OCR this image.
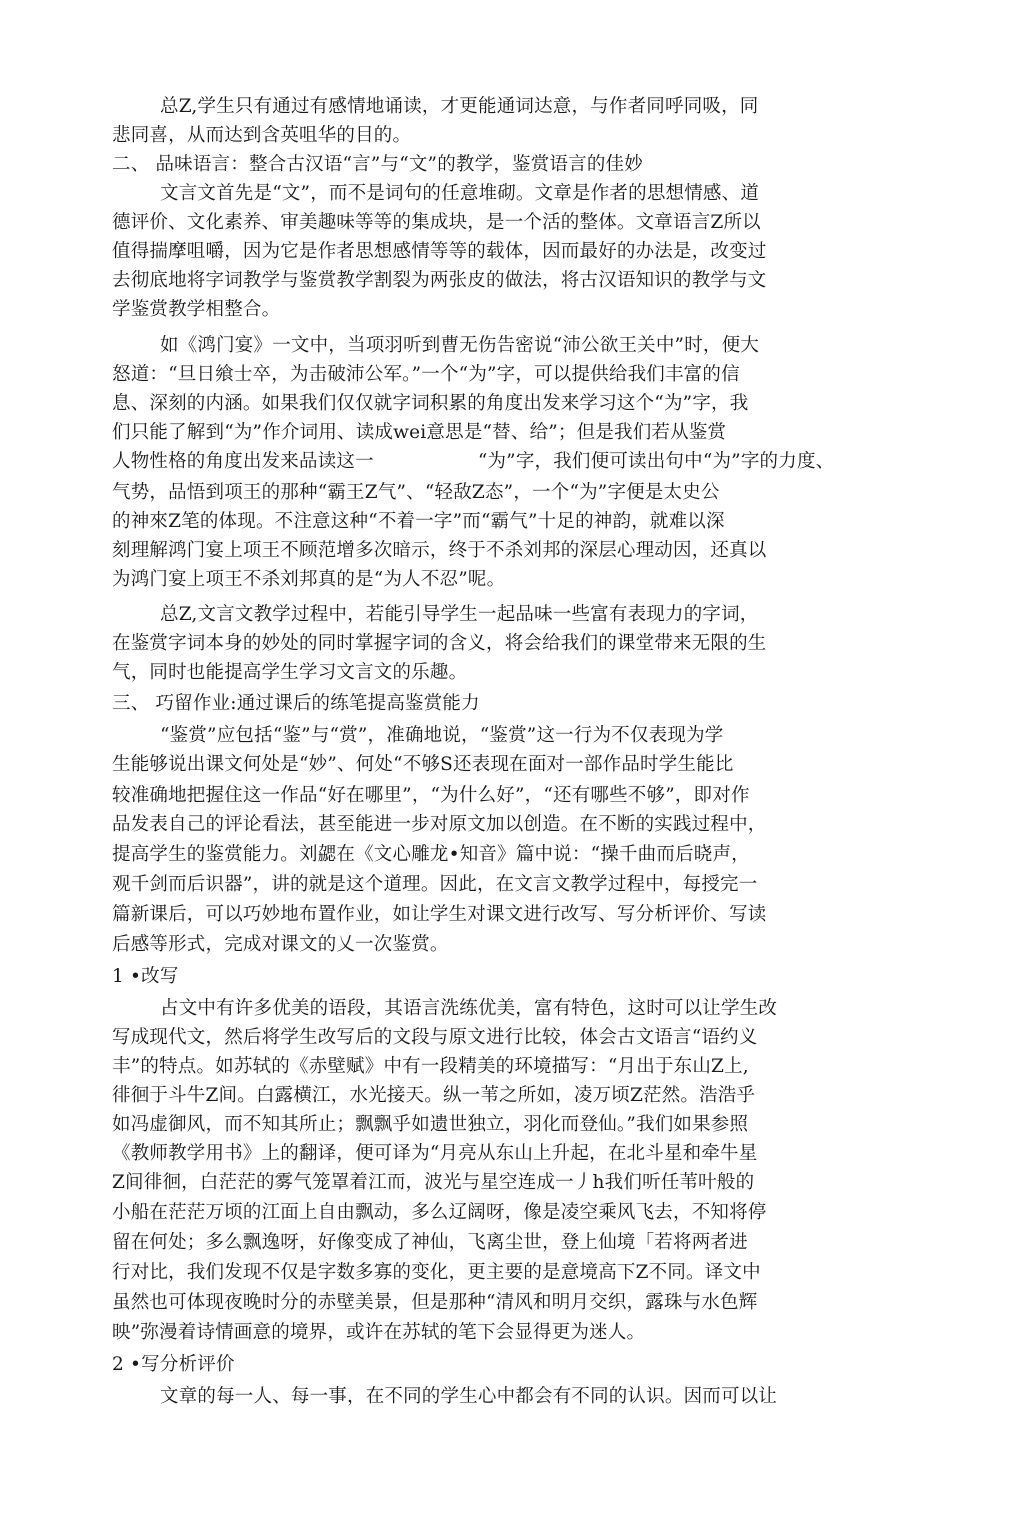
总Z,学生只有通过有感情地诵读，才更能通词达意，与作者同呼同吸，同
悲同喜，从而达到含英咀华的目的。
二、 品味语言：整合古汉语“言”与“文”的教学，鉴赏语言的佳妙
文言文首先是“文”，而不是词句的任意堆砌。文章是作者的思想情感、道
德评价、文化素养、审美趣味等等的集成块，是一个活的整体。文章语言Z所以
值得揣摩咀嚼，因为它是作者思想感情等等的载体，因而最好的办法是，改变过
去彻底地将字词教学与鉴赏教学割裂为两张皮的做法，将古汉语知识的教学与文
学鉴赏教学相整合。
如《鸿门宴》一文中，当项羽听到曹无伤告密说“沛公欲王关中”时，便大
怒道：“旦日飨士卒，为击破沛公军。”一个“为”字，可以提供给我们丰富的信
息、深刻的内涵。如果我们仅仅就字词积累的角度出发来学习这个“为”字，我
们只能了解到“为”作介词用、读成wei意思是“替、给”；但是我们若从鉴赏
人物性格的角度出发来品读这一	“为”字，我们便可读出句中“为”字的力度、
气势，品悟到项王的那种“霸王Z气”、“轻敌Z态”，一个“为”字便是太史公
的神來Z笔的体现。不注意这种“不着一字”而“霸气”十足的神韵，就难以深
刻理解鸿门宴上项王不顾范增多次暗示，终于不杀刘邦的深层心理动因，还真以
为鸿门宴上项王不杀刘邦真的是“为人不忍”呢。
总Z,文言文教学过程中，若能引导学生一起品味一些富有表现力的字词，
在鉴赏字词本身的妙处的同时掌握字词的含义，将会给我们的课堂带来无限的生
气，同时也能提高学生学习文言文的乐趣。
三、 巧留作业:通过课后的练笔提高鉴赏能力
“鉴赏”应包括“鉴”与“赏”，准确地说，“鉴赏”这一行为不仅表现为学
生能够说出课文何处是“妙”、何处“不够S还表现在面对一部作品时学生能比
较准确地把握住这一作品“好在哪里”，“为什么好”，“还有哪些不够”，即对作
品发表自己的评论看法，甚至能进一步对原文加以创造。在不断的实践过程中，
提高学生的鉴赏能力。刘勰在《文心雕龙•知音》篇中说：“操千曲而后晓声，
观千剑而后识器”，讲的就是这个道理。因此，在文言文教学过程中，每授完一
篇新课后，可以巧妙地布置作业，如让学生对课文进行改写、写分析评价、写读
后感等形式，完成对课文的乂一次鉴赏。
1 •改写
占文中有许多优美的语段，其语言洗练优美，富有特色，这时可以让学生改
写成现代文，然后将学生改写后的文段与原文进行比较，体会古文语言“语约义
丰”的特点。如苏轼的《赤壁赋》中有一段精美的环境描写：“月出于东山Z上,
徘徊于斗牛Z间。白露横江，水光接天。纵一苇之所如，凌万顷Z茫然。浩浩乎
如冯虚御风，而不知其所止；飘飘乎如遗世独立，羽化而登仙。”我们如果参照
《教师教学用书》上的翻译，便可译为“月亮从东山上升起，在北斗星和牵牛星
Z间徘徊，白茫茫的雾气笼罩着江而，波光与星空连成一丿h我们听任苇叶般的
小船在茫茫万顷的江面上自由飘动，多么辽阔呀，像是凌空乘风飞去，不知将停
留在何处；多么飘逸呀，好像变成了神仙，飞离尘世，登上仙境「若将两者进
行对比，我们发现不仅是字数多寡的变化，更主要的是意境高下Z不同。译文中
虽然也可体现夜晚时分的赤壁美景，但是那种“清风和明月交织，露珠与水色辉
映”弥漫着诗情画意的境界，或许在苏轼的笔下会显得更为迷人。
2 •写分析评价
文章的每一人、每一事，在不同的学生心中都会有不同的认识。因而可以让
